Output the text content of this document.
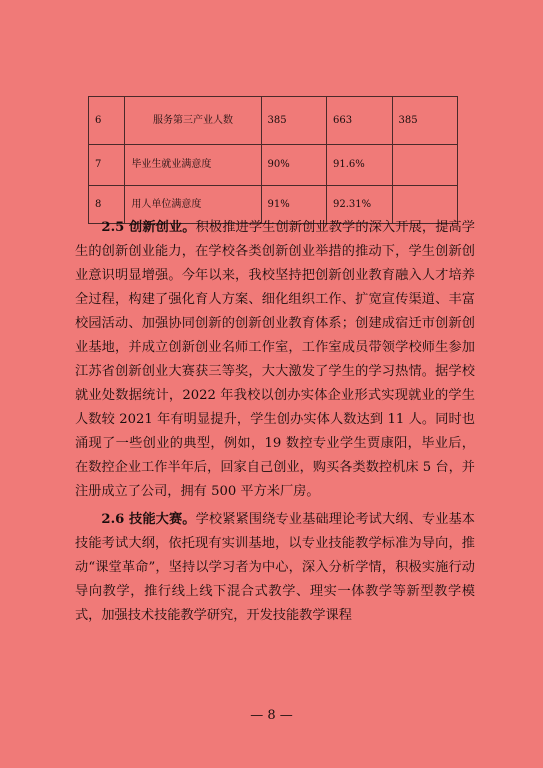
6	服务第三产业人数	385	663	385
7	毕业生就业满意度	90%	91.6%	
8	用人单位满意度	91%	92.31%	

2.5 创新创业。积极推进学生创新创业教学的深入开展，提高学生的创新创业能力，在学校各类创新创业举措的推动下，学生创新创业意识明显增强。今年以来，我校坚持把创新创业教育融入人才培养全过程，构建了强化育人方案、细化组织工作、扩宽宣传渠道、丰富校园活动、加强协同创新的创新创业教育体系；创建成宿迁市创新创业基地，并成立创新创业名师工作室，工作室成员带领学校师生参加江苏省创新创业大赛获三等奖，大大激发了学生的学习热情。据学校就业处数据统计，2022 年我校以创办实体企业形式实现就业的学生人数较 2021 年有明显提升，学生创办实体人数达到 11 人。同时也涌现了一些创业的典型，例如，19 数控专业学生贾康阳，毕业后，在数控企业工作半年后，回家自己创业，购买各类数控机床 5 台，并注册成立了公司，拥有 500 平方米厂房。

2.6 技能大赛。学校紧紧围绕专业基础理论考试大纲、专业基本技能考试大纲，依托现有实训基地，以专业技能教学标准为导向，推动“课堂革命”，坚持以学习者为中心，深入分析学情，积极实施行动导向教学，推行线上线下混合式教学、理实一体教学等新型教学模式，加强技术技能教学研究，开发技能教学课程

— 8 —
